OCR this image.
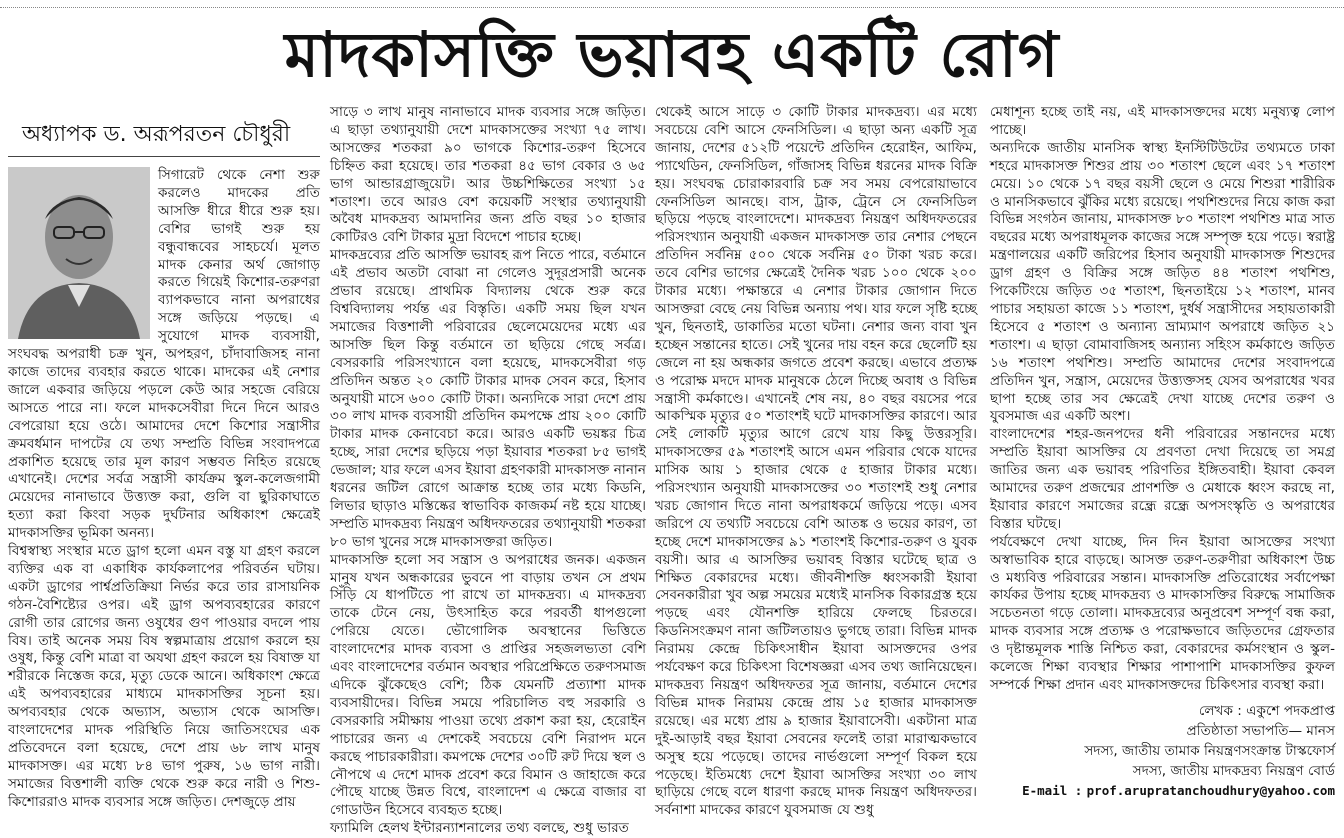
মাদকাসক্তি ভয়াবহ একটি রোগ

অধ্যাপক ড. অরূপরতন চৌধুরী

সিগারেট থেকে নেশা শুরু করলেও মাদকের প্রতি আসক্তি ধীরে ধীরে শুরু হয়। বেশির ভাগই শুরু হয় বন্ধুবান্ধবের সাহচর্যে। মূলত মাদক কেনার অর্থ জোগাড় করতে গিয়েই কিশোর-তরুণরা ব্যাপকভাবে নানা অপরাধের সঙ্গে জড়িয়ে পড়ছে। এ সুযোগে মাদক ব্যবসায়ী, সংঘবদ্ধ অপরাধী চক্র খুন, অপহরণ, চাঁদাবাজিসহ নানা কাজে তাদের ব্যবহার করতে থাকে। মাদকের এই নেশার জালে একবার জড়িয়ে পড়লে কেউ আর সহজে বেরিয়ে আসতে পারে না। ফলে মাদকসেবীরা দিনে দিনে আরও বেপরোয়া হয়ে ওঠে। আমাদের দেশে কিশোর সন্ত্রাসীর ক্রমবর্ধমান দাপটের যে তথ্য সম্প্রতি বিভিন্ন সংবাদপত্রে প্রকাশিত হয়েছে তার মূল কারণ সম্ভবত নিহিত রয়েছে এখানেই। দেশের সর্বত্র সন্ত্রাসী কার্যক্রম স্কুল-কলেজগামী মেয়েদের নানাভাবে উত্ত্যক্ত করা, গুলি বা ছুরিকাঘাতে হত্যা করা কিংবা সড়ক দুর্ঘটনার অধিকাংশ ক্ষেত্রেই মাদকাসক্তির ভূমিকা অনন্য।

বিশ্বস্বাস্থ্য সংস্থার মতে ড্রাগ হলো এমন বস্তু যা গ্রহণ করলে ব্যক্তির এক বা একাধিক কার্যকলাপের পরিবর্তন ঘটায়। একটা ড্রাগের পার্শ্বপ্রতিক্রিয়া নির্ভর করে তার রাসায়নিক গঠন-বৈশিষ্ট্যের ওপর। এই ড্রাগ অপব্যবহারের কারণে রোগী তার রোগের জন্য ওষুধের গুণ পাওয়ার বদলে পায় বিষ। তাই অনেক সময় বিষ স্বল্পমাত্রায় প্রয়োগ করলে হয় ওষুধ, কিন্তু বেশি মাত্রা বা অযথা গ্রহণ করলে হয় বিষাক্ত যা শরীরকে নিস্তেজ করে, মৃত্যু ডেকে আনে। অধিকাংশ ক্ষেত্রে এই অপব্যবহারের মাধ্যমে মাদকাসক্তির সূচনা হয়। অপব্যবহার থেকে অভ্যাস, অভ্যাস থেকে আসক্তি। বাংলাদেশের মাদক পরিস্থিতি নিয়ে জাতিসংঘের এক প্রতিবেদনে বলা হয়েছে, দেশে প্রায় ৬৮ লাখ মানুষ মাদকাসক্ত। এর মধ্যে ৮৪ ভাগ পুরুষ, ১৬ ভাগ নারী। সমাজের বিত্তশালী ব্যক্তি থেকে শুরু করে নারী ও শিশু-কিশোররাও মাদক ব্যবসার সঙ্গে জড়িত। দেশজুড়ে প্রায়

সাড়ে ৩ লাখ মানুষ নানাভাবে মাদক ব্যবসার সঙ্গে জড়িত। এ ছাড়া তথ্যানুযায়ী দেশে মাদকাসক্তের সংখ্যা ৭৫ লাখ। আসক্তের শতকরা ৯০ ভাগকে কিশোর-তরুণ হিসেবে চিহ্নিত করা হয়েছে। তার শতকরা ৪৫ ভাগ বেকার ও ৬৫ ভাগ আন্ডারগ্রাজুয়েট। আর উচ্চশিক্ষিতের সংখ্যা ১৫ শতাংশ। তবে আরও বেশ কয়েকটি সংস্থার তথ্যানুযায়ী অবৈধ মাদকদ্রব্য আমদানির জন্য প্রতি বছর ১০ হাজার কোটিরও বেশি টাকার মুদ্রা বিদেশে পাচার হচ্ছে।

মাদকদ্রব্যের প্রতি আসক্তি ভয়াবহ রূপ নিতে পারে, বর্তমানে এই প্রভাব অতটা বোঝা না গেলেও সুদূরপ্রসারী অনেক প্রভাব রয়েছে। প্রাথমিক বিদ্যালয় থেকে শুরু করে বিশ্ববিদ্যালয় পর্যন্ত এর বিস্তৃতি। একটি সময় ছিল যখন সমাজের বিত্তশালী পরিবারের ছেলেমেয়েদের মধ্যে এর আসক্তি ছিল কিন্তু বর্তমানে তা ছড়িয়ে গেছে সর্বত্র। বেসরকারি পরিসংখ্যানে বলা হয়েছে, মাদকসেবীরা গড় প্রতিদিন অন্তত ২০ কোটি টাকার মাদক সেবন করে, হিসাব অনুযায়ী মাসে ৬০০ কোটি টাকা। অন্যদিকে সারা দেশে প্রায় ৩০ লাখ মাদক ব্যবসায়ী প্রতিদিন কমপক্ষে প্রায় ২০০ কোটি টাকার মাদক কেনাবেচা করে। আরও একটি ভয়ঙ্কর চিত্র হচ্ছে, সারা দেশের ছড়িয়ে পড়া ইয়াবার শতকরা ৮৫ ভাগই ভেজাল; যার ফলে এসব ইয়াবা গ্রহণকারী মাদকাসক্ত নানান ধরনের জটিল রোগে আক্রান্ত হচ্ছে তার মধ্যে কিডনি, লিভার ছাড়াও মস্তিষ্কের স্বাভাবিক কাজকর্ম নষ্ট হয়ে যাচ্ছে। সম্প্রতি মাদকদ্রব্য নিয়ন্ত্রণ অধিদফতরের তথ্যানুযায়ী শতকরা ৮০ ভাগ খুনের সঙ্গে মাদকাসক্তরা জড়িত।

মাদকাসক্তি হলো সব সন্ত্রাস ও অপরাধের জনক। একজন মানুষ যখন অন্ধকারের ভুবনে পা বাড়ায় তখন সে প্রথম সিঁড়ি যে ধাপটিতে পা রাখে তা মাদকদ্রব্য। এ মাদকদ্রব্য তাকে টেনে নেয়, উৎসাহিত করে পরবর্তী ধাপগুলো পেরিয়ে যেতে। ভৌগোলিক অবস্থানের ভিত্তিতে বাংলাদেশের মাদক ব্যবসা ও প্রাপ্তির সহজলভ্যতা বেশি এবং বাংলাদেশের বর্তমান অবস্থার পরিপ্রেক্ষিতে তরুণসমাজ এদিকে ঝুঁকেছেও বেশি; ঠিক যেমনটি প্রত্যাশা মাদক ব্যবসায়ীদের। বিভিন্ন সময়ে পরিচালিত বহু সরকারি ও বেসরকারি সমীক্ষায় পাওয়া তথ্যে প্রকাশ করা হয়, হেরোইন পাচারের জন্য এ দেশকেই সবচেয়ে বেশি নিরাপদ মনে করছে পাচারকারীরা। কমপক্ষে দেশের ৩০টি রুট দিয়ে স্থল ও নৌপথে এ দেশে মাদক প্রবেশ করে বিমান ও জাহাজে করে পৌছে যাচ্ছে উন্নত বিশ্বে, বাংলাদেশ এ ক্ষেত্রে বাজার বা গোডাউন হিসেবে ব্যবহৃত হচ্ছে।

ফ্যামিলি হেলথ ইন্টারন্যাশনালের তথ্য বলছে, শুধু ভারত

থেকেই আসে সাড়ে ৩ কোটি টাকার মাদকদ্রব্য। এর মধ্যে সবচেয়ে বেশি আসে ফেনসিডিল। এ ছাড়া অন্য একটি সূত্র জানায়, দেশের ৫১২টি পয়েন্টে প্রতিদিন হেরোইন, আফিম, প্যাথেডিন, ফেনসিডিল, গাঁজাসহ বিভিন্ন ধরনের মাদক বিক্রি হয়। সংঘবদ্ধ চোরাকারবারি চক্র সব সময় বেপরোয়াভাবে ফেনসিডিল আনছে। বাস, ট্রাক, ট্রেনে সে ফেনসিডিল ছড়িয়ে পড়ছে বাংলাদেশে। মাদকদ্রব্য নিয়ন্ত্রণ অধিদফতরের পরিসংখ্যান অনুযায়ী একজন মাদকাসক্ত তার নেশার পেছনে প্রতিদিন সর্বনিম্ন ৫০০ থেকে সর্বনিম্ন ৫০ টাকা খরচ করে। তবে বেশির ভাগের ক্ষেত্রেই দৈনিক খরচ ১০০ থেকে ২০০ টাকার মধ্যে। পক্ষান্তরে এ নেশার টাকার জোগান দিতে আসক্তরা বেছে নেয় বিভিন্ন অন্যায় পথ। যার ফলে সৃষ্টি হচ্ছে খুন, ছিনতাই, ডাকাতির মতো ঘটনা। নেশার জন্য বাবা খুন হচ্ছেন সন্তানের হাতে। সেই খুনের দায় বহন করে ছেলেটি হয় জেলে না হয় অন্ধকার জগতে প্রবেশ করছে। এভাবে প্রত্যক্ষ ও পরোক্ষ মদদে মাদক মানুষকে ঠেলে দিচ্ছে অবাধ ও বিভিন্ন সন্ত্রাসী কর্মকাণ্ডে। এখানেই শেষ নয়, ৪০ বছর বয়সের পরে আকস্মিক মৃত্যুর ৫০ শতাংশই ঘটে মাদকাসক্তির কারণে। আর সেই লোকটি মৃত্যুর আগে রেখে যায় কিছু উত্তরসূরি। মাদকাসক্তের ৫৯ শতাংশই আসে এমন পরিবার থেকে যাদের মাসিক আয় ১ হাজার থেকে ৫ হাজার টাকার মধ্যে। পরিসংখ্যান অনুযায়ী মাদকাসক্তের ৩০ শতাংশই শুধু নেশার খরচ জোগান দিতে নানা অপরাধকর্মে জড়িয়ে পড়ে। এসব জরিপে যে তথ্যটি সবচেয়ে বেশি আতঙ্ক ও ভয়ের কারণ, তা হচ্ছে দেশে মাদকাসক্তের ৯১ শতাংশই কিশোর-তরুণ ও যুবক বয়সী। আর এ আসক্তির ভয়াবহ বিস্তার ঘটেছে ছাত্র ও শিক্ষিত বেকারদের মধ্যে। জীবনীশক্তি ধ্বংসকারী ইয়াবা সেবনকারীরা খুব অল্প সময়ের মধ্যেই মানসিক বিকারগ্রস্ত হয়ে পড়ছে এবং যৌনশক্তি হারিয়ে ফেলছে চিরতরে। কিডনিসংক্রমণ নানা জটিলতায়ও ভুগছে তারা। বিভিন্ন মাদক নিরাময় কেন্দ্রে চিকিৎসাধীন ইয়াবা আসক্তদের ওপর পর্যবেক্ষণ করে চিকিৎসা বিশেষজ্ঞরা এসব তথ্য জানিয়েছেন। মাদকদ্রব্য নিয়ন্ত্রণ অধিদফতর সূত্র জানায়, বর্তমানে দেশের বিভিন্ন মাদক নিরাময় কেন্দ্রে প্রায় ১৫ হাজার মাদকাসক্ত রয়েছে। এর মধ্যে প্রায় ৯ হাজার ইয়াবাসেবী। একটানা মাত্র দুই-আড়াই বছর ইয়াবা সেবনের ফলেই তারা মারাত্মকভাবে অসুস্থ হয়ে পড়েছে। তাদের নার্ভগুলো সম্পূর্ণ বিকল হয়ে পড়েছে। ইতিমধ্যে দেশে ইয়াবা আসক্তির সংখ্যা ৩০ লাখ ছাড়িয়ে গেছে বলে ধারণা করছে মাদক নিয়ন্ত্রণ অধিদফতর। সর্বনাশা মাদকের কারণে যুবসমাজ যে শুধু

মেধাশূন্য হচ্ছে তাই নয়, এই মাদকাসক্তদের মধ্যে মনুষ্যত্ব লোপ পাচ্ছে।

অন্যদিকে জাতীয় মানসিক স্বাস্থ্য ইনস্টিটিউটের তথ্যমতে ঢাকা শহরে মাদকাসক্ত শিশুর প্রায় ৩০ শতাংশ ছেলে এবং ১৭ শতাংশ মেয়ে। ১০ থেকে ১৭ বছর বয়সী ছেলে ও মেয়ে শিশুরা শারীরিক ও মানসিকভাবে ঝুঁকির মধ্যে রয়েছে। পথশিশুদের নিয়ে কাজ করা বিভিন্ন সংগঠন জানায়, মাদকাসক্ত ৮০ শতাংশ পথশিশু মাত্র সাত বছরের মধ্যে অপরাধমূলক কাজের সঙ্গে সম্পৃক্ত হয়ে পড়ে। স্বরাষ্ট্র মন্ত্রণালয়ের একটি জরিপের হিসাব অনুযায়ী মাদকাসক্ত শিশুদের ড্রাগ গ্রহণ ও বিক্রির সঙ্গে জড়িত ৪৪ শতাংশ পথশিশু, পিকেটিংয়ে জড়িত ৩৫ শতাংশ, ছিনতাইয়ে ১২ শতাংশ, মানব পাচার সহায়তা কাজে ১১ শতাংশ, দুর্ধর্ষ সন্ত্রাসীদের সহায়তাকারী হিসেবে ৫ শতাংশ ও অন্যান্য ভ্রাম্যমাণ অপরাধে জড়িত ২১ শতাংশ। এ ছাড়া বোমাবাজিসহ অন্যান্য সহিংস কর্মকাণ্ডে জড়িত ১৬ শতাংশ পথশিশু। সম্প্রতি আমাদের দেশের সংবাদপত্রে প্রতিদিন খুন, সন্ত্রাস, মেয়েদের উত্ত্যক্তসহ যেসব অপরাধের খবর ছাপা হচ্ছে তার সব ক্ষেত্রেই দেখা যাচ্ছে দেশের তরুণ ও যুবসমাজ এর একটি অংশ।

বাংলাদেশের শহর-জনপদের ধনী পরিবারের সন্তানদের মধ্যে সম্প্রতি ইয়াবা আসক্তির যে প্রবণতা দেখা দিয়েছে তা সমগ্র জাতির জন্য এক ভয়াবহ পরিণতির ইঙ্গিতবাহী। ইয়াবা কেবল আমাদের তরুণ প্রজন্মের প্রাণশক্তি ও মেধাকে ধ্বংস করছে না, ইয়াবার কারণে সমাজের রন্ধ্রে রন্ধ্রে অপসংস্কৃতি ও অপরাধের বিস্তার ঘটছে।

পর্যবেক্ষণে দেখা যাচ্ছে, দিন দিন ইয়াবা আসক্তের সংখ্যা অস্বাভাবিক হারে বাড়ছে। আসক্ত তরুণ-তরুণীরা অধিকাংশ উচ্চ ও মধ্যবিত্ত পরিবারের সন্তান। মাদকাসক্তি প্রতিরোধের সর্বাপেক্ষা কার্যকর উপায় হচ্ছে মাদকদ্রব্য ও মাদকাসক্তির বিরুদ্ধে সামাজিক সচেতনতা গড়ে তোলা। মাদকদ্রব্যের অনুপ্রবেশ সম্পূর্ণ বন্ধ করা, মাদক ব্যবসার সঙ্গে প্রত্যক্ষ ও পরোক্ষভাবে জড়িতদের গ্রেফতার ও দৃষ্টান্তমূলক শাস্তি নিশ্চিত করা, বেকারদের কর্মসংস্থান ও স্কুল-কলেজে শিক্ষা ব্যবস্থার শিক্ষার পাশাপাশি মাদকাসক্তির কুফল সম্পর্কে শিক্ষা প্রদান এবং মাদকাসক্তদের চিকিৎসার ব্যবস্থা করা।

লেখক : একুশে পদকপ্রাপ্ত
প্রতিষ্ঠাতা সভাপতি— মানস
সদস্য, জাতীয় তামাক নিয়ন্ত্রণসংক্রান্ত টাস্কফোর্স
সদস্য, জাতীয় মাদকদ্রব্য নিয়ন্ত্রণ বোর্ড
E-mail : prof.arupratanchoudhury@yahoo.com
